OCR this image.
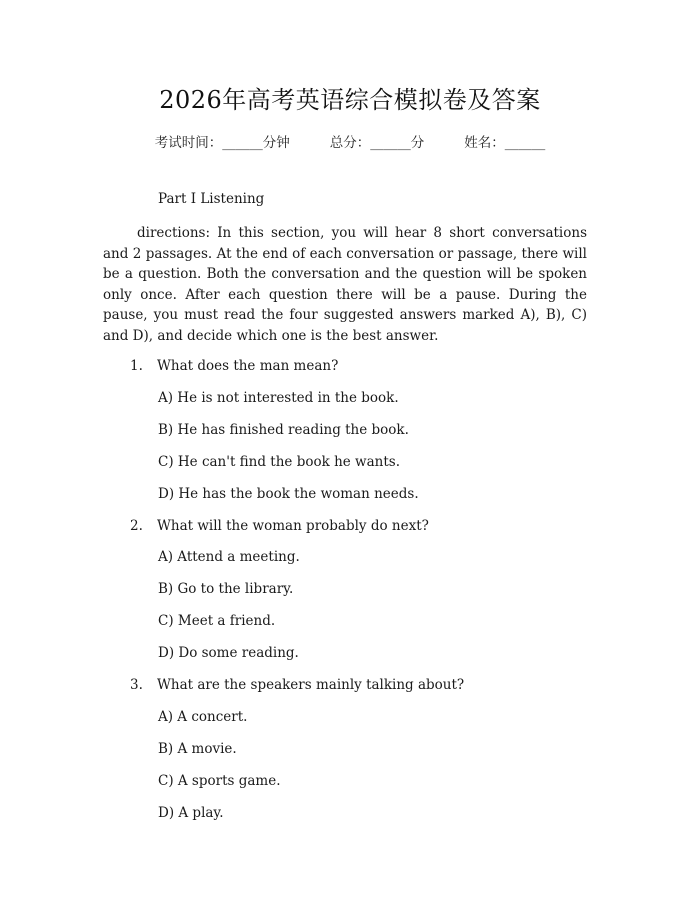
2026年高考英语综合模拟卷及答案
考试时间：______分钟	总分：______分	姓名：______
Part I Listening
directions: In this section, you will hear 8 short conversations and 2 passages. At the end of each conversation or passage, there will be a question. Both the conversation and the question will be spoken only once. After each question there will be a pause. During the pause, you must read the four suggested answers marked A), B), C) and D), and decide which one is the best answer.
1. What does the man mean?
A) He is not interested in the book.
B) He has finished reading the book.
C) He can't find the book he wants.
D) He has the book the woman needs.
2. What will the woman probably do next?
A) Attend a meeting.
B) Go to the library.
C) Meet a friend.
D) Do some reading.
3. What are the speakers mainly talking about?
A) A concert.
B) A movie.
C) A sports game.
D) A play.
